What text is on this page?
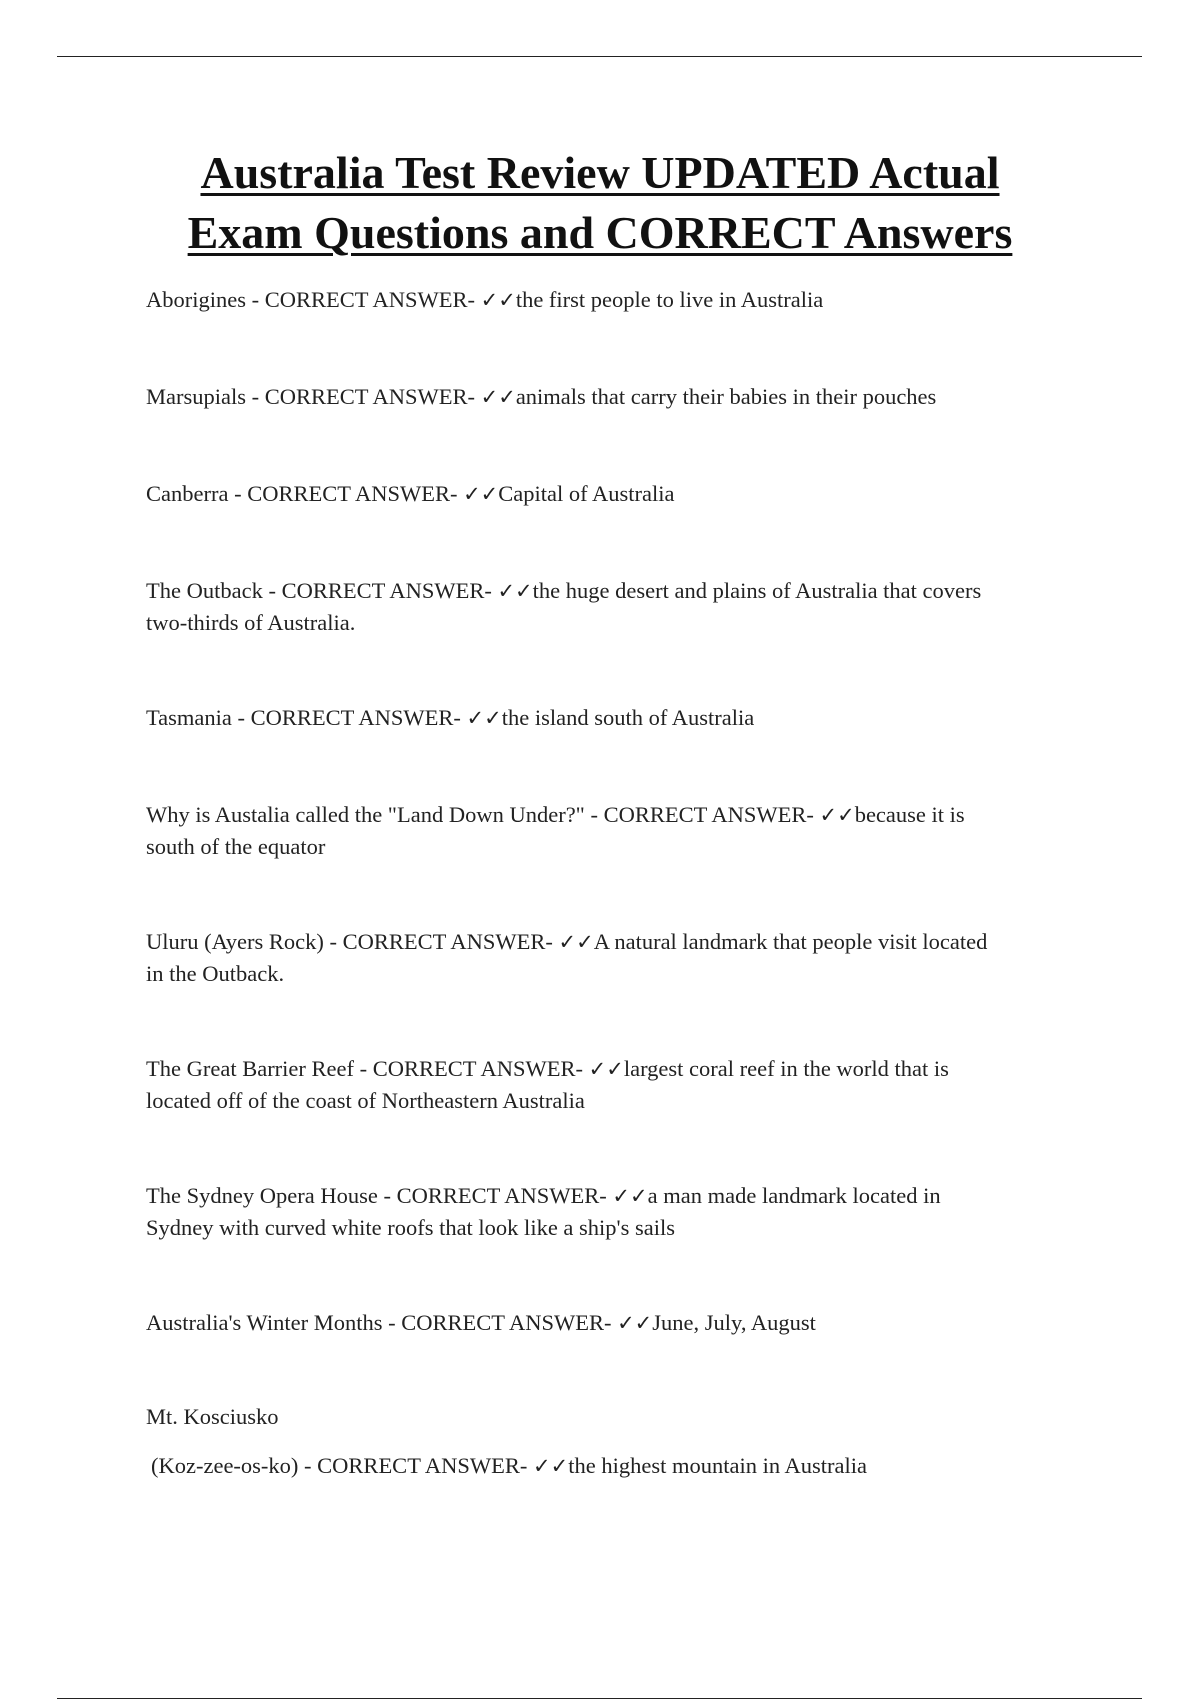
Australia Test Review UPDATED Actual
Exam Questions and CORRECT Answers

Aborigines - CORRECT ANSWER- ✓✓the first people to live in Australia

Marsupials - CORRECT ANSWER- ✓✓animals that carry their babies in their pouches

Canberra - CORRECT ANSWER- ✓✓Capital of Australia

The Outback - CORRECT ANSWER- ✓✓the huge desert and plains of Australia that covers
two-thirds of Australia.

Tasmania - CORRECT ANSWER- ✓✓the island south of Australia

Why is Austalia called the "Land Down Under?" - CORRECT ANSWER- ✓✓because it is
south of the equator

Uluru (Ayers Rock) - CORRECT ANSWER- ✓✓A natural landmark that people visit located
in the Outback.

The Great Barrier Reef - CORRECT ANSWER- ✓✓largest coral reef in the world that is
located off of the coast of Northeastern Australia

The Sydney Opera House - CORRECT ANSWER- ✓✓a man made landmark located in
Sydney with curved white roofs that look like a ship's sails

Australia's Winter Months - CORRECT ANSWER- ✓✓June, July, August

Mt. Kosciusko
(Koz-zee-os-ko) - CORRECT ANSWER- ✓✓the highest mountain in Australia
